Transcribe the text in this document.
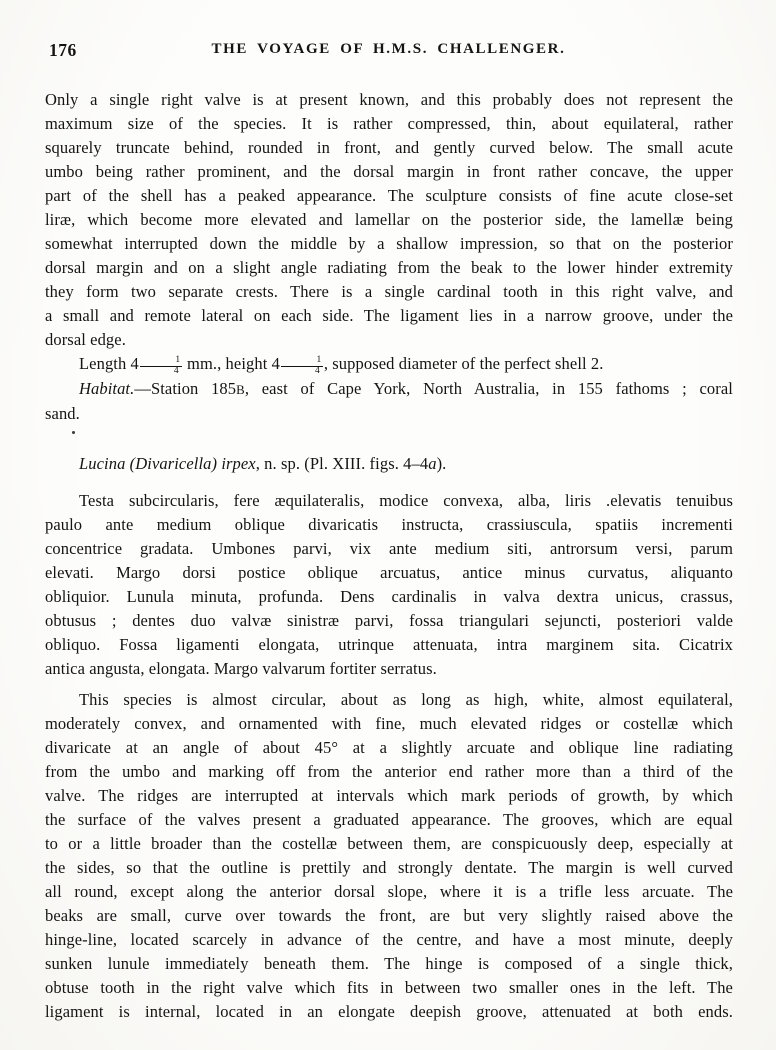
176	THE VOYAGE OF H.M.S. CHALLENGER.
Only a single right valve is at present known, and this probably does not represent the
maximum size of the species. It is rather compressed, thin, about equilateral, rather
squarely truncate behind, rounded in front, and gently curved below. The small acute
umbo being rather prominent, and the dorsal margin in front rather concave, the upper
part of the shell has a peaked appearance. The sculpture consists of fine acute close-set
liræ, which become more elevated and lamellar on the posterior side, the lamellæ being
somewhat interrupted down the middle by a shallow impression, so that on the posterior
dorsal margin and on a slight angle radiating from the beak to the lower hinder extremity
they form two separate crests. There is a single cardinal tooth in this right valve, and
a small and remote lateral on each side. The ligament lies in a narrow groove, under the
dorsal edge.
Length $4 \frac{1}{4}$ mm., height $4 \frac{1}{4}$ , supposed diameter of the perfect shell 2.
Habitat.—Station 185B, east of Cape York, North Australia, in 155 fathoms ; coral
sand.
Lucina (Divaricella) irpex, n. sp. (Pl. XIII. figs. 4–4a).
Testa subcircularis, fere æquilateralis, modice convexa, alba, liris .elevatis tenuibus
paulo ante medium oblique divaricatis instructa, crassiuscula, spatiis incrementi
concentrice gradata. Umbones parvi, vix ante medium siti, antrorsum versi, parum
elevati. Margo dorsi postice oblique arcuatus, antice minus curvatus, aliquanto
obliquior. Lunula minuta, profunda. Dens cardinalis in valva dextra unicus, crassus,
obtusus ; dentes duo valvæ sinistræ parvi, fossa triangulari sejuncti, posteriori valde
obliquo. Fossa ligamenti elongata, utrinque attenuata, intra marginem sita. Cicatrix
antica angusta, elongata. Margo valvarum fortiter serratus.
This species is almost circular, about as long as high, white, almost equilateral,
moderately convex, and ornamented with fine, much elevated ridges or costellæ which
divaricate at an angle of about 45° at a slightly arcuate and oblique line radiating
from the umbo and marking off from the anterior end rather more than a third of the
valve. The ridges are interrupted at intervals which mark periods of growth, by which
the surface of the valves present a graduated appearance. The grooves, which are equal
to or a little broader than the costellæ between them, are conspicuously deep, especially at
the sides, so that the outline is prettily and strongly dentate. The margin is well curved
all round, except along the anterior dorsal slope, where it is a trifle less arcuate. The
beaks are small, curve over towards the front, are but very slightly raised above the
hinge-line, located scarcely in advance of the centre, and have a most minute, deeply
sunken lunule immediately beneath them. The hinge is composed of a single thick,
obtuse tooth in the right valve which fits in between two smaller ones in the left. The
ligament is internal, located in an elongate deepish groove, attenuated at both ends.
